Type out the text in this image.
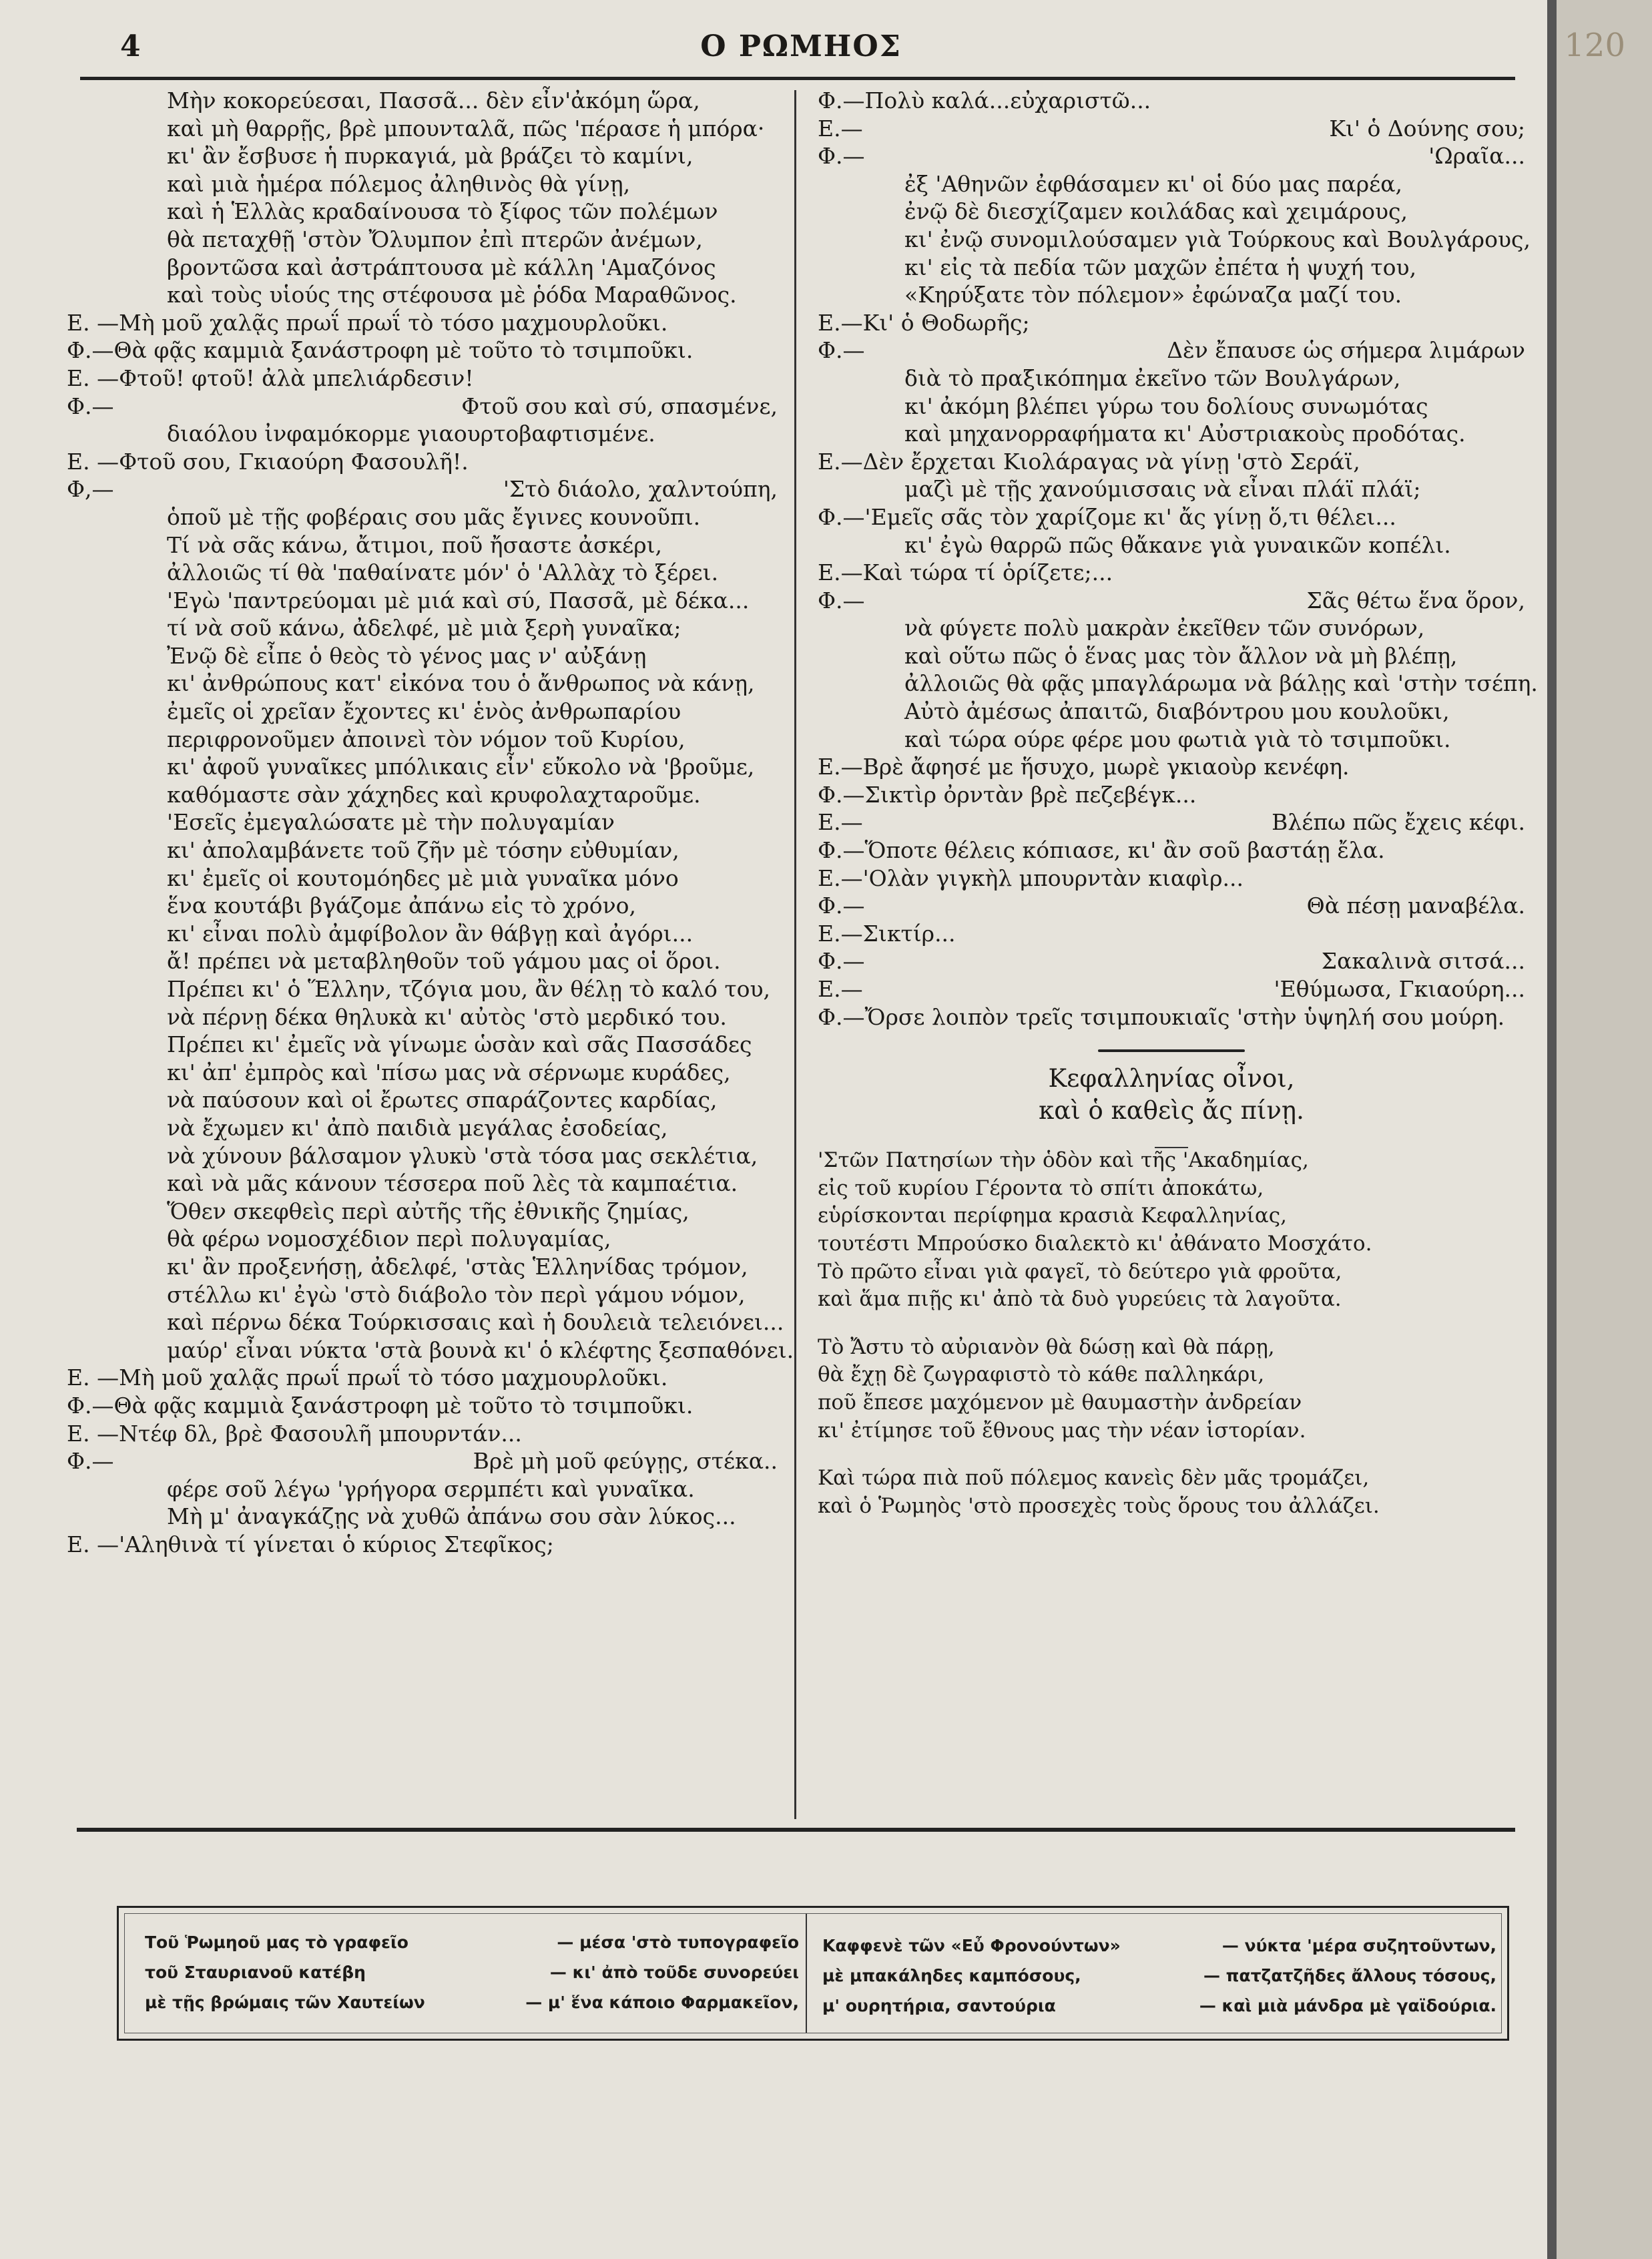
120
4	Ο ΡΩΜΗΟΣ
Μὴν κοκορεύεσαι, Πασσᾶ... δὲν εἶν'ἀκόμη ὥρα,
καὶ μὴ θαρρῇς, βρὲ μπουνταλᾶ, πῶς 'πέρασε ἡ μπόρα·
κι' ἂν ἔσβυσε ἡ πυρκαγιά, μὰ βράζει τὸ καμίνι,
καὶ μιὰ ἡμέρα πόλεμος ἀληθινὸς θὰ γίνῃ,
καὶ ἡ Ἑλλὰς κραδαίνουσα τὸ ξίφος τῶν πολέμων
θὰ πεταχθῇ 'στὸν Ὄλυμπον ἐπὶ πτερῶν ἀνέμων,
βροντῶσα καὶ ἀστράπτουσα μὲ κάλλη 'Αμαζόνος
καὶ τοὺς υἱούς της στέφουσα μὲ ῥόδα Μαραθῶνος.
Ε. —Μὴ μοῦ χαλᾷς πρωΐ πρωΐ τὸ τόσο μαχμουρλοῦκι.
Φ.—Θὰ φᾷς καμμιὰ ξανάστροφη μὲ τοῦτο τὸ τσιμποῦκι.
Ε. —Φτοῦ! φτοῦ! ἀλὰ μπελιάρδεσιν!
Φ.—	Φτοῦ σου καὶ σύ, σπασμένε,
διαόλου ἰνφαμόκορμε γιαουρτοβαφτισμένε.
Ε. —Φτοῦ σου, Γκιαούρη Φασουλῆ!.
Φ,—	'Στὸ διάολο, χαλντούπη,
ὁποῦ μὲ τῇς φοβέραις σου μᾶς ἔγινες κουνοῦπι.
Τί νὰ σᾶς κάνω, ἄτιμοι, ποῦ ἤσαστε ἀσκέρι,
ἀλλοιῶς τί θὰ 'παθαίνατε μόν' ὁ 'Αλλὰχ τὸ ξέρει.
'Εγὼ 'παντρεύομαι μὲ μιά καὶ σύ, Πασσᾶ, μὲ δέκα...
τί νὰ σοῦ κάνω, ἀδελφέ, μὲ μιὰ ξερὴ γυναῖκα;
Ἐνῷ δὲ εἶπε ὁ θεὸς τὸ γένος μας ν' αὐξάνῃ
κι' ἀνθρώπους κατ' εἰκόνα του ὁ ἄνθρωπος νὰ κάνῃ,
ἐμεῖς οἱ χρεῖαν ἔχοντες κι' ἑνὸς ἀνθρωπαρίου
περιφρονοῦμεν ἀποινεὶ τὸν νόμον τοῦ Κυρίου,
κι' ἀφοῦ γυναῖκες μπόλικαις εἶν' εὔκολο νὰ 'βροῦμε,
καθόμαστε σὰν χάχηδες καὶ κρυφολαχταροῦμε.
'Εσεῖς ἐμεγαλώσατε μὲ τὴν πολυγαμίαν
κι' ἀπολαμβάνετε τοῦ ζῆν μὲ τόσην εὐθυμίαν,
κι' ἐμεῖς οἱ κουτομόηδες μὲ μιὰ γυναῖκα μόνο
ἕνα κουτάβι βγάζομε ἀπάνω εἰς τὸ χρόνο,
κι' εἶναι πολὺ ἀμφίβολον ἂν θάβγῃ καὶ ἀγόρι...
ἄ! πρέπει νὰ μεταβληθοῦν τοῦ γάμου μας οἱ ὅροι.
Πρέπει κι' ὁ Ἕλλην, τζόγια μου, ἂν θέλῃ τὸ καλό του,
νὰ πέρνῃ δέκα θηλυκὰ κι' αὐτὸς 'στὸ μερδικό του.
Πρέπει κι' ἐμεῖς νὰ γίνωμε ὡσὰν καὶ σᾶς Πασσάδες
κι' ἀπ' ἐμπρὸς καὶ 'πίσω μας νὰ σέρνωμε κυράδες,
νὰ παύσουν καὶ οἱ ἔρωτες σπαράζοντες καρδίας,
νὰ ἔχωμεν κι' ἀπὸ παιδιὰ μεγάλας ἐσοδείας,
νὰ χύνουν βάλσαμον γλυκὺ 'στὰ τόσα μας σεκλέτια,
καὶ νὰ μᾶς κάνουν τέσσερα ποῦ λὲς τὰ καμπαέτια.
Ὅθεν σκεφθεὶς περὶ αὐτῆς τῆς ἐθνικῆς ζημίας,
θὰ φέρω νομοσχέδιον περὶ πολυγαμίας,
κι' ἂν προξενήσῃ, ἀδελφέ, 'στὰς Ἑλληνίδας τρόμον,
στέλλω κι' ἐγὼ 'στὸ διάβολο τὸν περὶ γάμου νόμον,
καὶ πέρνω δέκα Τούρκισσαις καὶ ἡ δουλειὰ τελειόνει...
μαύρ' εἶναι νύκτα 'στὰ βουνὰ κι' ὁ κλέφτης ξεσπαθόνει.
Ε. —Μὴ μοῦ χαλᾷς πρωΐ πρωΐ τὸ τόσο μαχμουρλοῦκι.
Φ.—Θὰ φᾷς καμμιὰ ξανάστροφη μὲ τοῦτο τὸ τσιμποῦκι.
Ε. —Ντέφ δλ, βρὲ Φασουλῆ μπουρντάν...
Φ.—	Βρὲ μὴ μοῦ φεύγῃς, στέκα..
φέρε σοῦ λέγω 'γρήγορα σερμπέτι καὶ γυναῖκα.
Μὴ μ' ἀναγκάζῃς νὰ χυθῶ ἀπάνω σου σὰν λύκος...
Ε. —'Αληθινὰ τί γίνεται ὁ κύριος Στεφῖκος;
Φ.—Πολὺ καλά...εὐχαριστῶ...
Ε.—	Κι' ὁ Δούνης σου;
Φ.—	'Ωραῖα...
ἐξ 'Αθηνῶν ἐφθάσαμεν κι' οἱ δύο μας παρέα,
ἐνῷ δὲ διεσχίζαμεν κοιλάδας καὶ χειμάρους,
κι' ἐνῷ συνομιλούσαμεν γιὰ Τούρκους καὶ Βουλγάρους,
κι' εἰς τὰ πεδία τῶν μαχῶν ἐπέτα ἡ ψυχή του,
«Κηρύξατε τὸν πόλεμον» ἐφώναζα μαζί του.
Ε.—Κι' ὁ Θοδωρῆς;
Φ.—	Δὲν ἔπαυσε ὡς σήμερα λιμάρων
διὰ τὸ πραξικόπημα ἐκεῖνο τῶν Βουλγάρων,
κι' ἀκόμη βλέπει γύρω του δολίους συνωμότας
καὶ μηχανορραφήματα κι' Αὐστριακοὺς προδότας.
Ε.—Δὲν ἔρχεται Κιολάραγας νὰ γίνῃ 'στὸ Σεράϊ,
μαζὶ μὲ τῇς χανούμισσαις νὰ εἶναι πλάϊ πλάϊ;
Φ.—'Εμεῖς σᾶς τὸν χαρίζομε κι' ἄς γίνῃ ὅ,τι θέλει...
κι' ἐγὼ θαρρῶ πῶς θἄκανε γιὰ γυναικῶν κοπέλι.
Ε.—Καὶ τώρα τί ὁρίζετε;...
Φ.—	Σᾶς θέτω ἕνα ὅρον,
νὰ φύγετε πολὺ μακρὰν ἐκεῖθεν τῶν συνόρων,
καὶ οὕτω πῶς ὁ ἕνας μας τὸν ἄλλον νὰ μὴ βλέπῃ,
ἀλλοιῶς θὰ φᾷς μπαγλάρωμα νὰ βάλῃς καὶ 'στὴν τσέπη.
Αὐτὸ ἀμέσως ἀπαιτῶ, διαβόντρου μου κουλοῦκι,
καὶ τώρα ούρε φέρε μου φωτιὰ γιὰ τὸ τσιμποῦκι.
Ε.—Βρὲ ἄφησέ με ἥσυχο, μωρὲ γκιαοὺρ κενέφη.
Φ.—Σικτὶρ ὀρντὰν βρὲ πεζεβέγκ...
Ε.—	Βλέπω πῶς ἔχεις κέφι.
Φ.—Ὅποτε θέλεις κόπιασε, κι' ἂν σοῦ βαστάῃ ἔλα.
Ε.—'Ολὰν γιγκὴλ μπουρντὰν κιαφὶρ...
Φ.—	Θὰ πέσῃ μαναβέλα.
Ε.—Σικτίρ...
Φ.—	Σακαλινὰ σιτσά...
Ε.—	'Εθύμωσα, Γκιαούρη...
Φ.—Ὄρσε λοιπὸν τρεῖς τσιμπουκιαῖς 'στὴν ὑψηλή σου μούρη.
Κεφαλληνίας οἶνοι,
καὶ ὁ καθεὶς ἄς πίνῃ.
'Στῶν Πατησίων τὴν ὁδὸν καὶ τῆς 'Ακαδημίας,
εἰς τοῦ κυρίου Γέροντα τὸ σπίτι ἀποκάτω,
εὑρίσκονται περίφημα κρασιὰ Κεφαλληνίας,
τουτέστι Μπρούσκο διαλεκτὸ κι' ἀθάνατο Μοσχάτο.
Τὸ πρῶτο εἶναι γιὰ φαγεῖ, τὸ δεύτερο γιὰ φροῦτα,
καὶ ἅμα πιῇς κι' ἀπὸ τὰ δυὸ γυρεύεις τὰ λαγοῦτα.
Τὸ Ἄστυ τὸ αὐριανὸν θὰ δώσῃ καὶ θὰ πάρῃ,
θὰ ἔχῃ δὲ ζωγραφιστὸ τὸ κάθε παλληκάρι,
ποῦ ἔπεσε μαχόμενον μὲ θαυμαστὴν ἀνδρείαν
κι' ἐτίμησε τοῦ ἔθνους μας τὴν νέαν ἱστορίαν.
Καὶ τώρα πιὰ ποῦ πόλεμος κανεὶς δὲν μᾶς τρομάζει,
καὶ ὁ Ῥωμηὸς 'στὸ προσεχὲς τοὺς ὅρους του ἀλλάζει.
Τοῦ Ῥωμηοῦ μας τὸ γραφεῖο	— μέσα 'στὸ τυπογραφεῖο
τοῦ Σταυριανοῦ κατέβη	— κι' ἀπὸ τοῦδε συνορεύει
μὲ τῇς βρώμαις τῶν Χαυτείων	— μ' ἕνα κάποιο Φαρμακεῖον,
Καφφενὲ τῶν «Εὖ Φρονούντων»	— νύκτα 'μέρα συζητοῦντων,
μὲ μπακάληδες καμπόσους,	— πατζατζῆδες ἄλλους τόσους,
μ' ουρητήρια, σαντούρια	— καὶ μιὰ μάνδρα μὲ γαϊδούρια.
